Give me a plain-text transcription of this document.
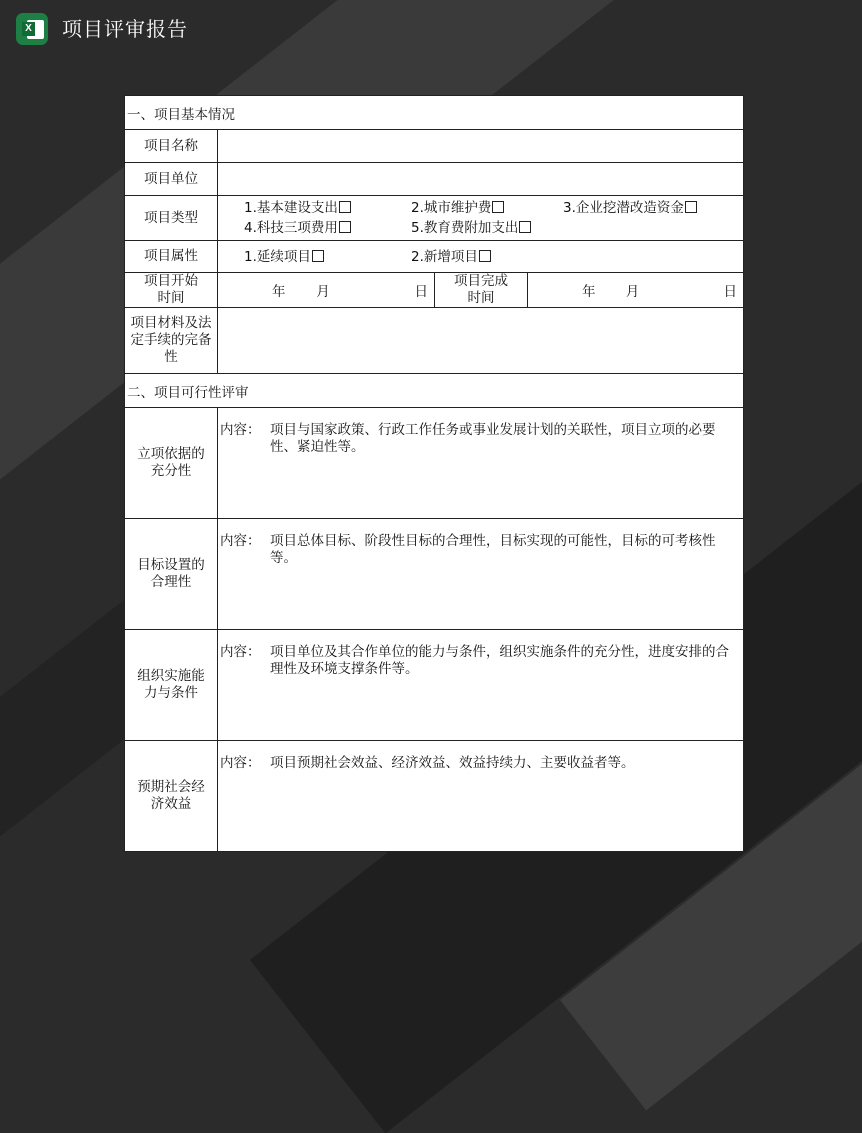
X 项目评审报告
一、项目基本情况			
项目名称			
项目单位			
项目类型	1.基本建设支出 2.城市维护费 3.企业挖潜改造资金
4.科技三项费用 5.教育费附加支出		

项目属性	1.延续项目 2.新增项目		
项目开始时间	年 月 日	项目完成时间	年 月 日

项目材料及法定手续的完备性			
二、项目可行性评审			
立项依据的充分性	内容： 项目与国家政策、行政工作任务或事业发展计划的关联性，项目立项的必要性、紧迫性等。		

目标设置的合理性	内容： 项目总体目标、阶段性目标的合理性，目标实现的可能性，目标的可考核性等。		

组织实施能力与条件	内容： 项目单位及其合作单位的能力与条件，组织实施条件的充分性，进度安排的合理性及环境支撑条件等。		

预期社会经济效益	内容： 项目预期社会效益、经济效益、效益持续力、主要收益者等。		
